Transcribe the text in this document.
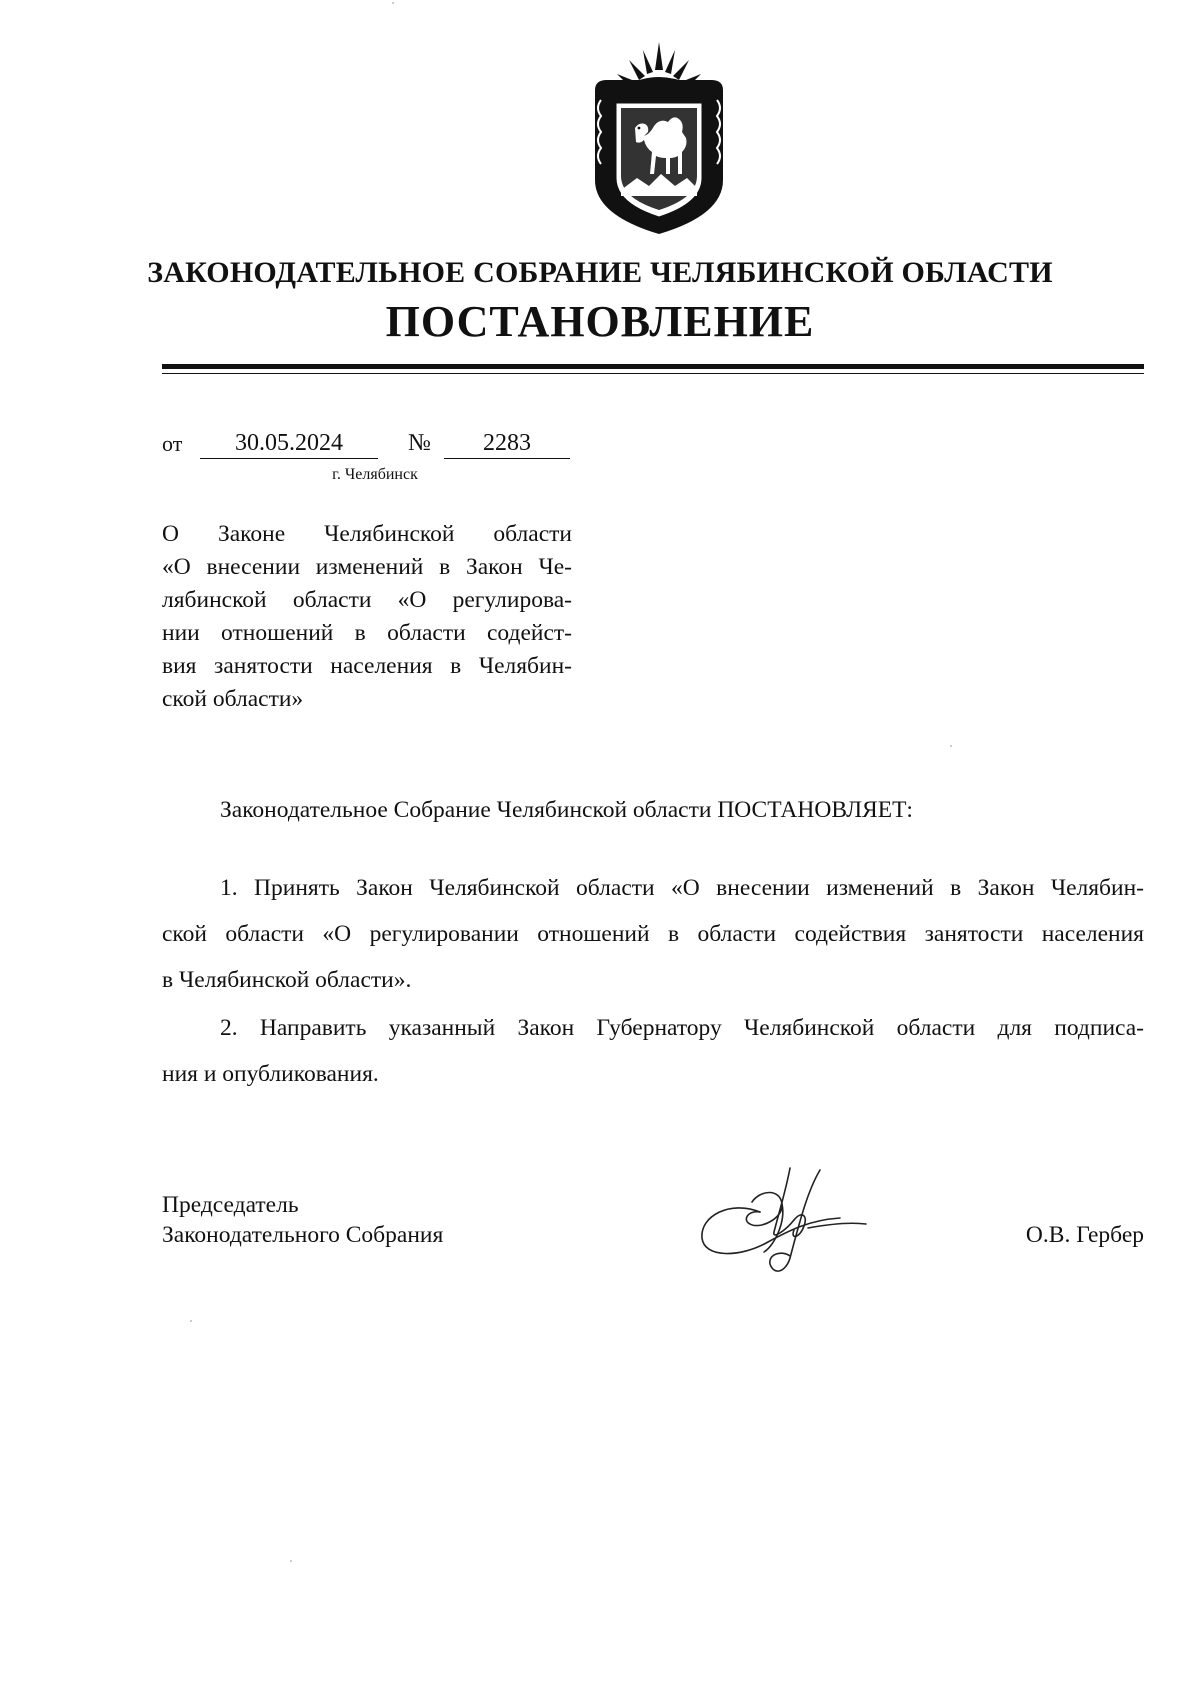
ЗАКОНОДАТЕЛЬНОЕ СОБРАНИЕ ЧЕЛЯБИНСКОЙ ОБЛАСТИ
ПОСТАНОВЛЕНИЕ
от	30.05.2024	№	2283
г. Челябинск
О Законе Челябинской области
«О внесении изменений в Закон Че-
лябинской области «О регулирова-
нии отношений в области содейст-
вия занятости населения в Челябин-
ской области»
Законодательное Собрание Челябинской области ПОСТАНОВЛЯЕТ:
1. Принять Закон Челябинской области «О внесении изменений в Закон Челябин-
ской области «О регулировании отношений в области содействия занятости населения
в Челябинской области».
2. Направить указанный Закон Губернатору Челябинской области для подписа-
ния и опубликования.
Председатель
Законодательного Собрания	О.В. Гербер
